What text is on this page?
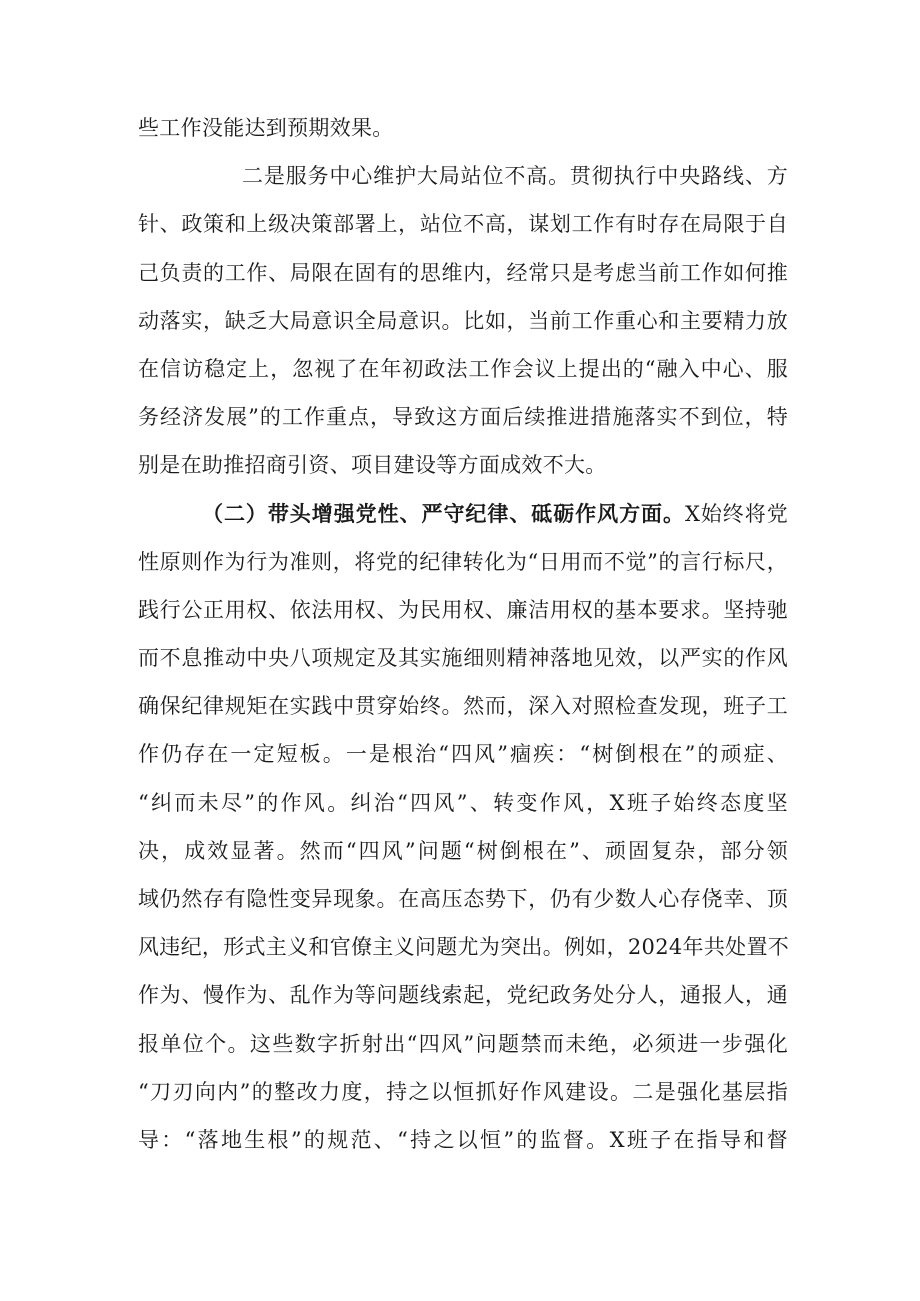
些工作没能达到预期效果。
二是服务中心维护大局站位不高。贯彻执行中央路线、方
针、政策和上级决策部署上，站位不高，谋划工作有时存在局限于自
己负责的工作、局限在固有的思维内，经常只是考虑当前工作如何推
动落实，缺乏大局意识全局意识。比如，当前工作重心和主要精力放
在信访稳定上，忽视了在年初政法工作会议上提出的“融入中心、服
务经济发展”的工作重点，导致这方面后续推进措施落实不到位，特
别是在助推招商引资、项目建设等方面成效不大。
（二）带头增强党性、严守纪律、砥砺作风方面。X始终将党
性原则作为行为准则，将党的纪律转化为“日用而不觉”的言行标尺，
践行公正用权、依法用权、为民用权、廉洁用权的基本要求。坚持驰
而不息推动中央八项规定及其实施细则精神落地见效，以严实的作风
确保纪律规矩在实践中贯穿始终。然而，深入对照检查发现，班子工
作仍存在一定短板。一是根治“四风”痼疾：“树倒根在”的顽症、
“纠而未尽”的作风。纠治“四风”、转变作风，X班子始终态度坚
决，成效显著。然而“四风”问题“树倒根在”、顽固复杂，部分领
域仍然存有隐性变异现象。在高压态势下，仍有少数人心存侥幸、顶
风违纪，形式主义和官僚主义问题尤为突出。例如，2024年共处置不
作为、慢作为、乱作为等问题线索起，党纪政务处分人，通报人，通
报单位个。这些数字折射出“四风”问题禁而未绝，必须进一步强化
“刀刃向内”的整改力度，持之以恒抓好作风建设。二是强化基层指
导：“落地生根”的规范、“持之以恒”的监督。X班子在指导和督
